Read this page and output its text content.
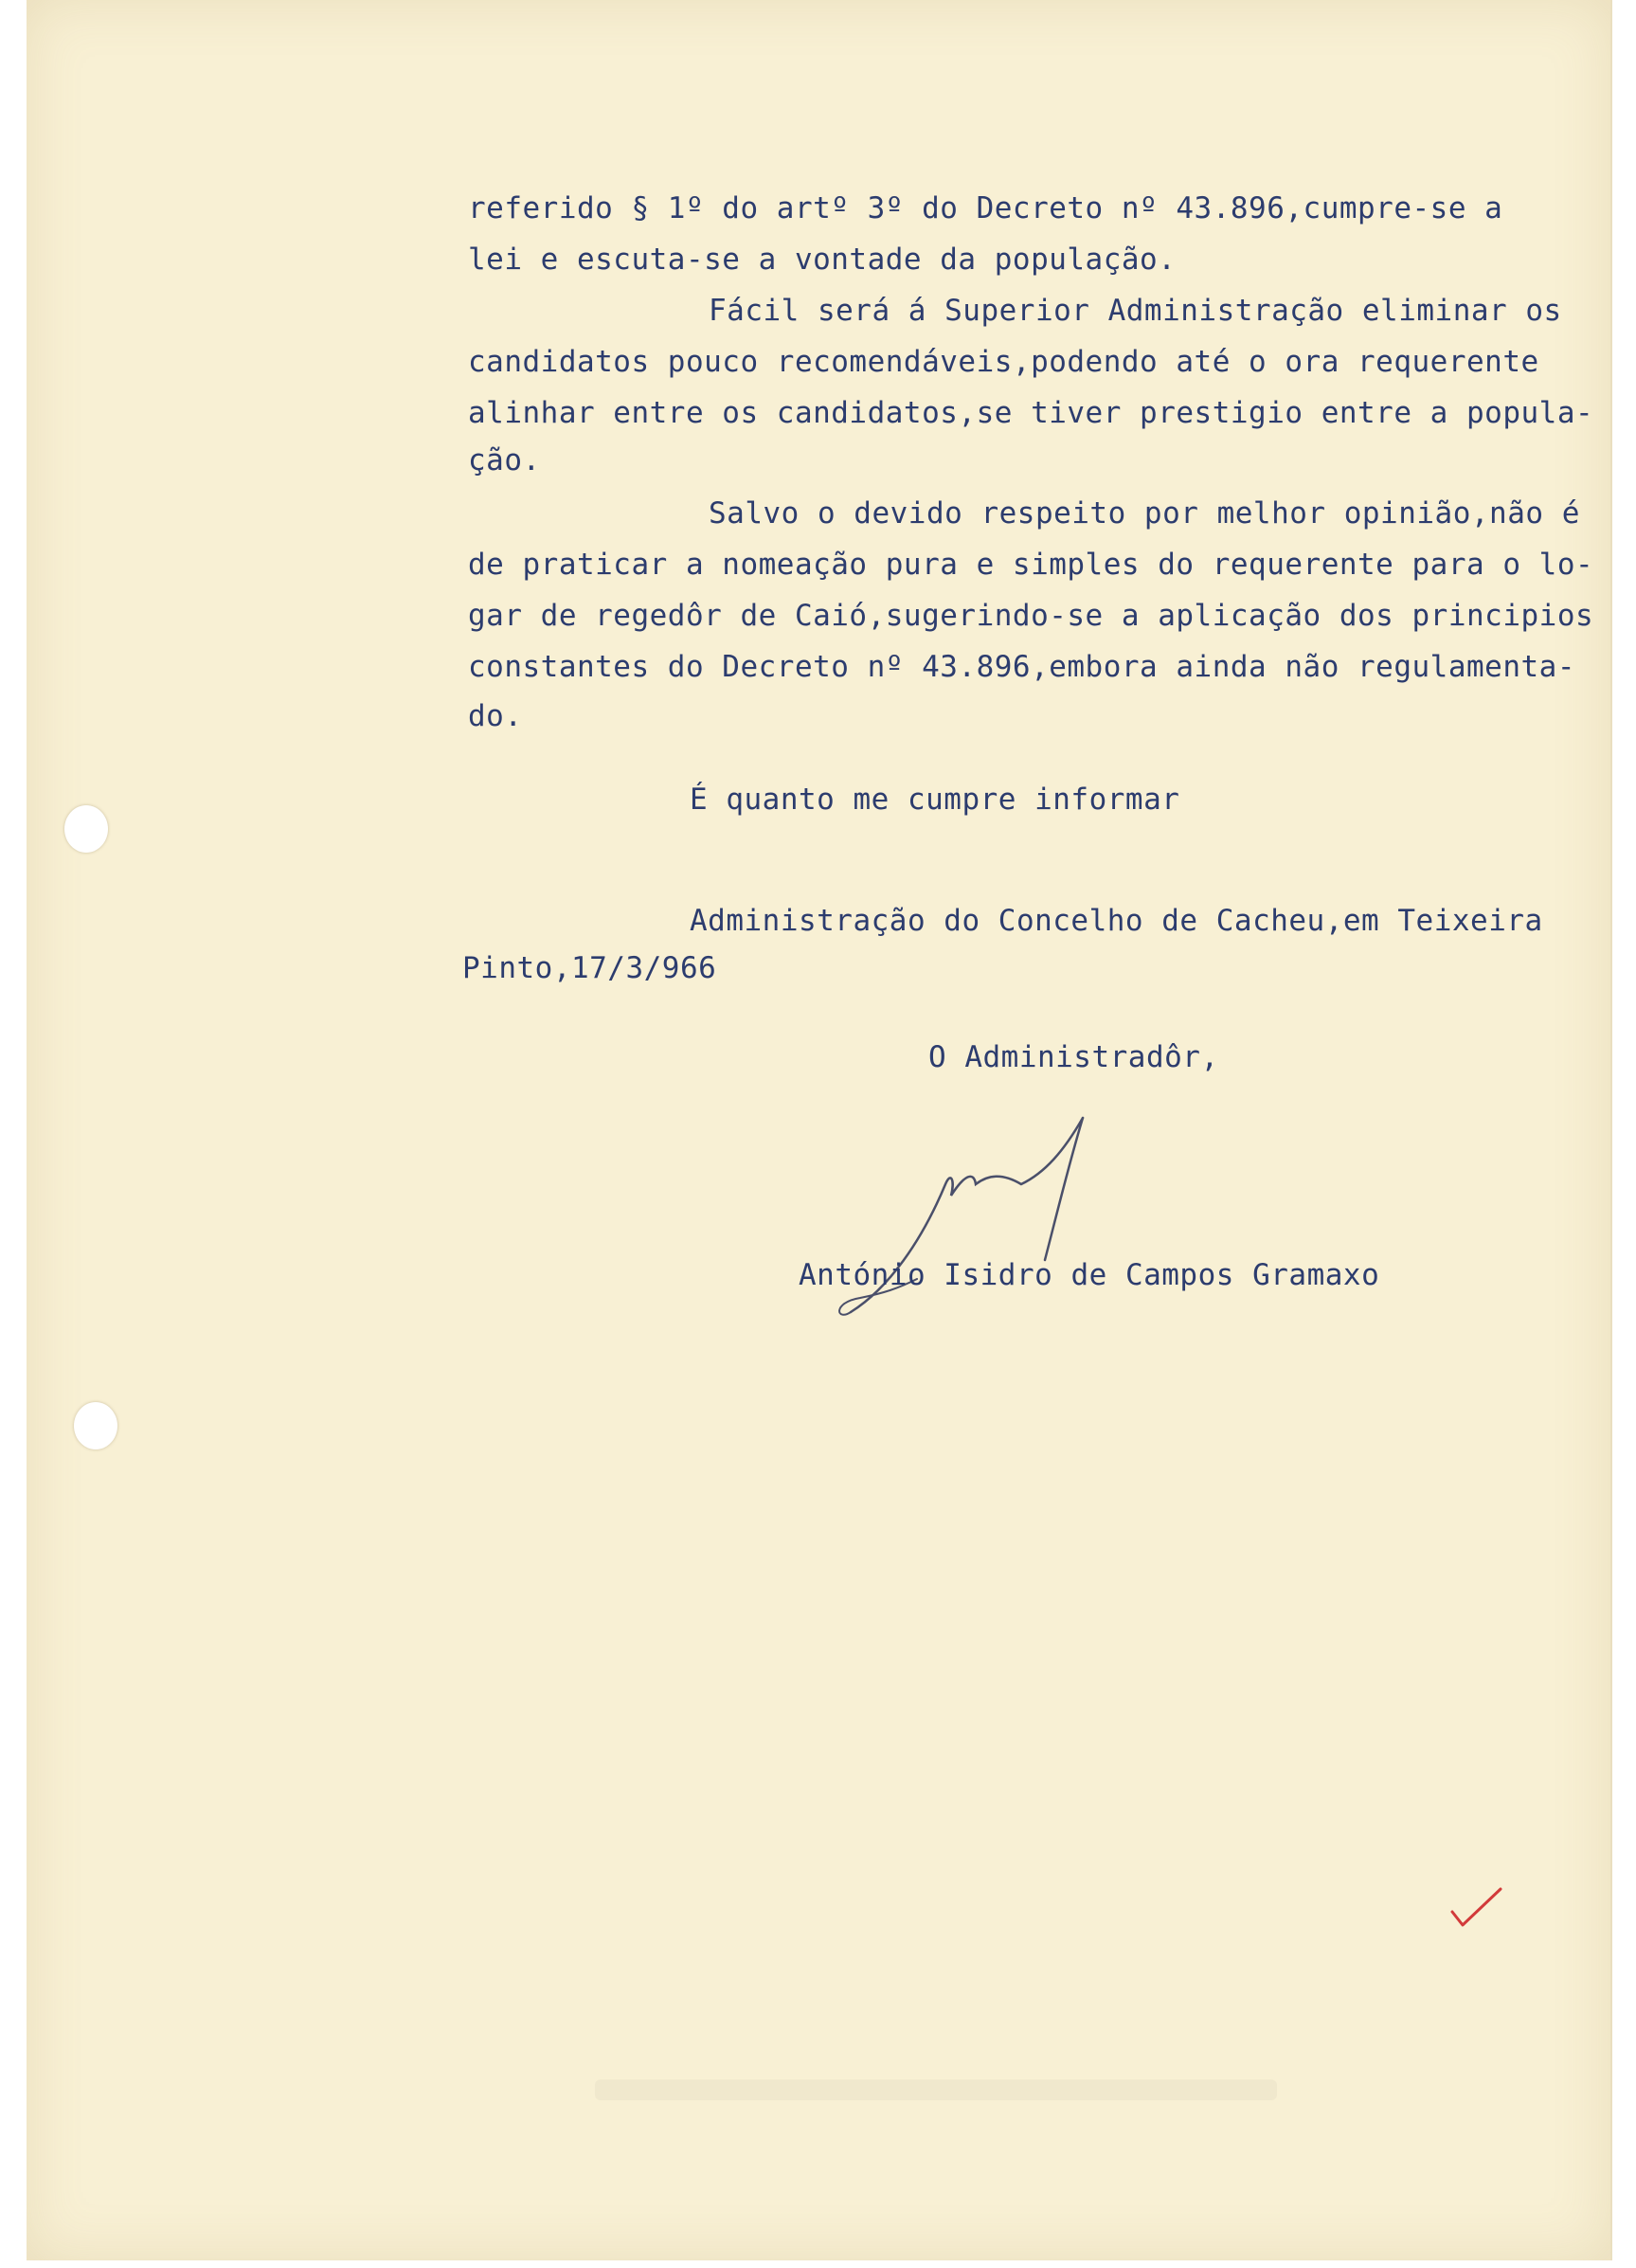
referido § 1º do artº 3º do Decreto nº 43.896,cumpre-se a
lei e escuta-se a vontade da população.
Fácil será á Superior Administração eliminar os
candidatos pouco recomendáveis,podendo até o ora requerente
alinhar entre os candidatos,se tiver prestigio entre a popula-
ção.
Salvo o devido respeito por melhor opinião,não é
de praticar a nomeação pura e simples do requerente para o lo-
gar de regedôr de Caió,sugerindo-se a aplicação dos principios
constantes do Decreto nº 43.896,embora ainda não regulamenta-
do.
É quanto me cumpre informar
Administração do Concelho de Cacheu,em Teixeira
Pinto,17/3/966
O Administradôr,
António Isidro de Campos Gramaxo
